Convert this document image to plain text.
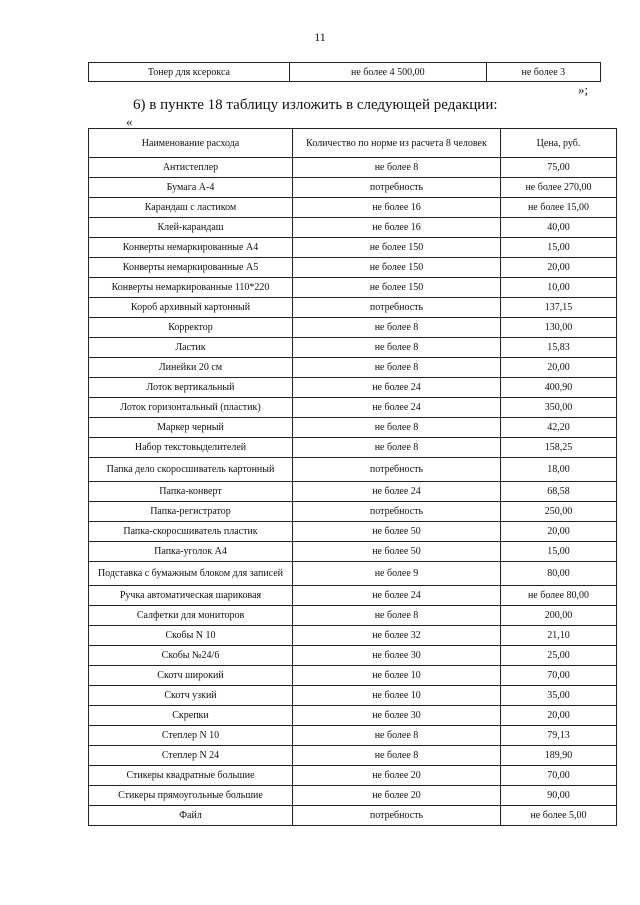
11
Тонер для ксерокса	не более 4 500,00	не более 3
»;
6) в пункте 18 таблицу изложить в следующей редакции:
«
Наименование расхода	Количество по норме из расчета 8 человек	Цена, руб.
Антистеплер	не более 8	75,00
Бумага А-4	потребность	не более 270,00
Карандаш с ластиком	не более 16	не более 15,00
Клей-карандаш	не более 16	40,00
Конверты немаркированные А4	не более 150	15,00
Конверты немаркированные А5	не более 150	20,00
Конверты немаркированные 110*220	не более 150	10,00
Короб архивный картонный	потребность	137,15
Корректор	не более 8	130,00
Ластик	не более 8	15,83
Линейки 20 см	не более 8	20,00
Лоток вертикальный	не более 24	400,90
Лоток горизонтальный (пластик)	не более 24	350,00
Маркер черный	не более 8	42,20
Набор текстовыделителей	не более 8	158,25
Папка дело скоросшиватель картонный	потребность	18,00
Папка-конверт	не более 24	68,58
Папка-регистратор	потребность	250,00
Папка-скоросшиватель пластик	не более 50	20,00
Папка-уголок А4	не более 50	15,00
Подставка с бумажным блоком для записей	не более 9	80,00
Ручка автоматическая шариковая	не более 24	не более 80,00
Салфетки для мониторов	не более 8	200,00
Скобы N 10	не более 32	21,10
Скобы №24/6	не более 30	25,00
Скотч широкий	не более 10	70,00
Скотч узкий	не более 10	35,00
Скрепки	не более 30	20,00
Степлер N 10	не более 8	79,13
Степлер N 24	не более 8	189,90
Стикеры квадратные большие	не более 20	70,00
Стикеры прямоугольные большие	не более 20	90,00
Файл	потребность	не более 5,00
